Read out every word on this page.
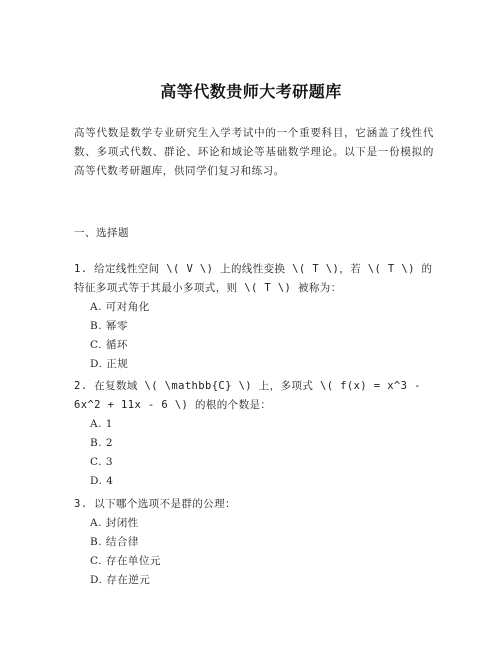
高等代数贵师大考研题库
高等代数是数学专业研究生入学考试中的一个重要科目，它涵盖了线性代数、多项式代数、群论、环论和域论等基础数学理论。以下是一份模拟的高等代数考研题库，供同学们复习和练习。
一、选择题
1. 给定线性空间 \( V \) 上的线性变换 \( T \)，若 \( T \) 的特征多项式等于其最小多项式，则 \( T \) 被称为：
A. 可对角化
B. 幂零
C. 循环
D. 正规
2. 在复数域 \( \mathbb{C} \) 上，多项式 \( f(x) = x^3 - 6x^2 + 11x - 6 \) 的根的个数是：
A. 1
B. 2
C. 3
D. 4
3. 以下哪个选项不是群的公理：
A. 封闭性
B. 结合律
C. 存在单位元
D. 存在逆元
